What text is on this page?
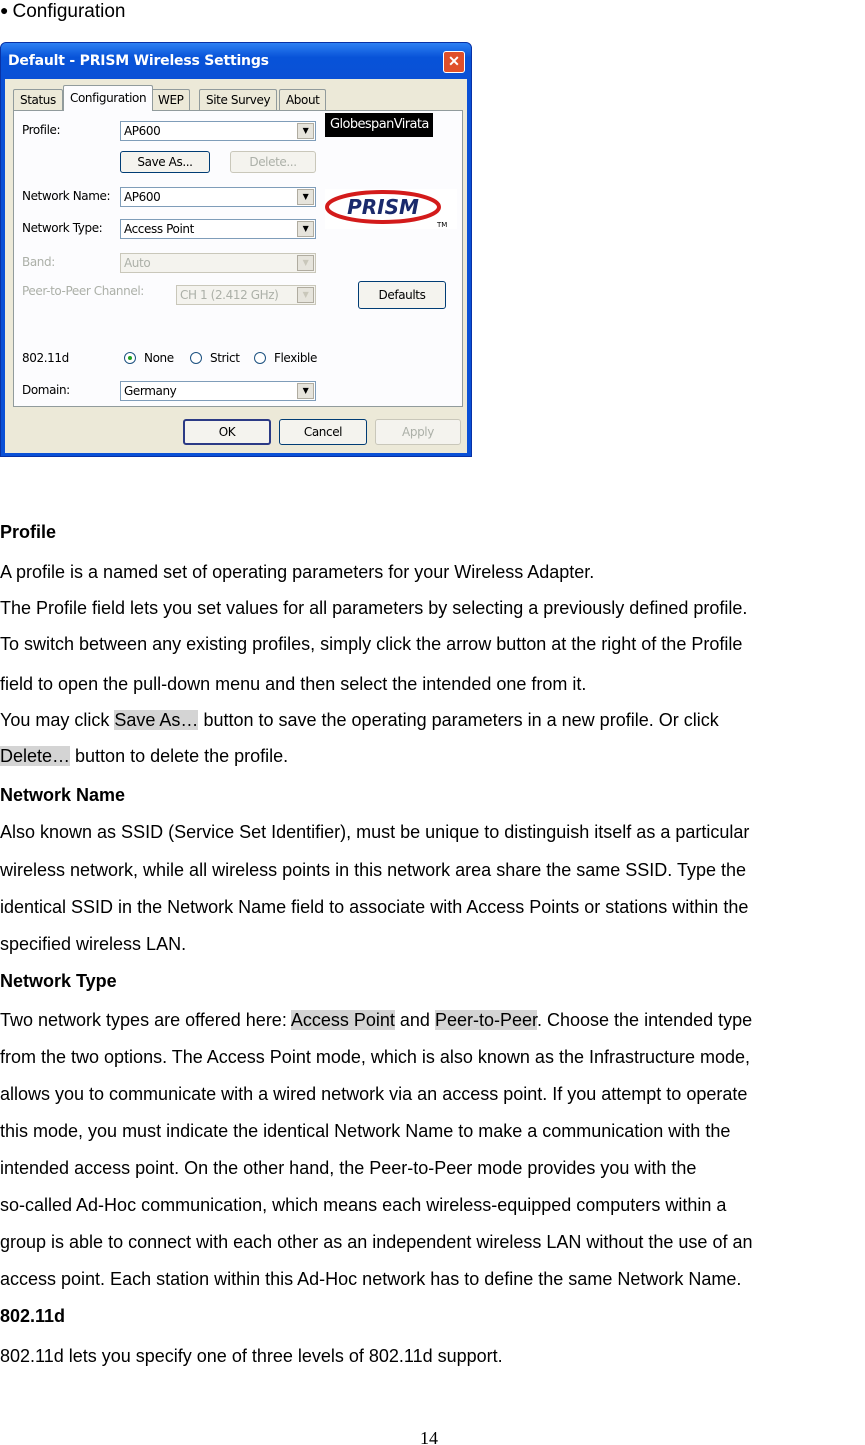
● Configuration
Default - PRISM Wireless Settings	✕
Status	Configuration WEP	Site Survey	About
Profile:	AP600	▼
Save As...	Delete...
Network Name:	AP600	▼
Network Type:	Access Point	▼
Band:	Auto	▼
Peer-to-Peer Channel:	CH 1 (2.412 GHz)	▼	Defaults
802.11d	None	Strict	Flexible
Domain:	Germany	▼
OK	Cancel	Apply
GlobespanVirata
PRISM
TM
Profile
A profile is a named set of operating parameters for your Wireless Adapter.
The Profile field lets you set values for all parameters by selecting a previously defined profile.
To switch between any existing profiles, simply click the arrow button at the right of the Profile
field to open the pull-down menu and then select the intended one from it.
You may click Save As… button to save the operating parameters in a new profile. Or click
Delete… button to delete the profile.
Network Name
Also known as SSID (Service Set Identifier), must be unique to distinguish itself as a particular
wireless network, while all wireless points in this network area share the same SSID. Type the
identical SSID in the Network Name field to associate with Access Points or stations within the
specified wireless LAN.
Network Type
Two network types are offered here: Access Point and Peer-to-Peer. Choose the intended type
from the two options. The Access Point mode, which is also known as the Infrastructure mode,
allows you to communicate with a wired network via an access point. If you attempt to operate
this mode, you must indicate the identical Network Name to make a communication with the
intended access point. On the other hand, the Peer-to-Peer mode provides you with the
so-called Ad-Hoc communication, which means each wireless-equipped computers within a
group is able to connect with each other as an independent wireless LAN without the use of an
access point. Each station within this Ad-Hoc network has to define the same Network Name.
802.11d
802.11d lets you specify one of three levels of 802.11d support.
14
